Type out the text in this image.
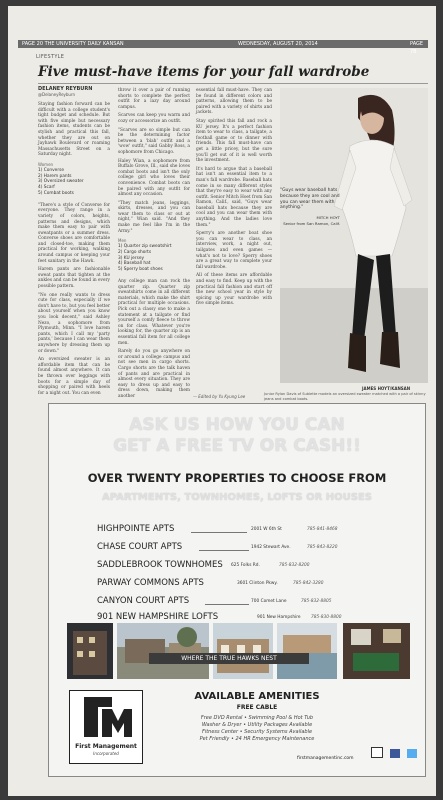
PAGE 20 THE UNIVERSITY DAILY KANSAN	WEDNESDAY, AUGUST 20, 2014	PAGE 7B
LIFESTYLE
Five must-have items for your fall wardrobe
DELANEY REYBURN
@DelaneyReyburn

Staying fashion forward can be difficult with a college student's tight budget and schedule. But with five simple but necessary fashion items, students can be stylish and practical this fall, whether they are out on Jayhawk Boulevard or roaming Massachusetts Street on a Saturday night.

Women
1) Converse
2) Harem pants
3) Oversized sweater
4) Scarf
5) Combat boots

"There's a style of Converse for everyone. They range in a variety of colors, heights, patterns and designs, which make them easy to pair with sweatpants or a summer dress. Converse shoes are comfortable and closed-toe, making them practical for working, walking around campus or keeping your feet sanitary in the Hawk.

Harem pants are fashionable sweat pants that tighten at the ankles and can be found in every possible pattern.

"No one really wants to dress cute for class, especially if we don't have to, but you feel better about yourself when you know you look decent," said Ashley Nezo, a sophomore from Plymouth, Minn. "I love harem pants, which I call my 'party pants,' because I can wear them anywhere by dressing them up or down."

An oversized sweater is an affordable item that can be found almost anywhere. It can be thrown over leggings with boots for a simple day of shopping or paired with heels for a night out. You can even

throw it over a pair of running shorts to complete the perfect outfit for a lazy day around campus.

Scarves can keep you warm and cozy or accessorize an outfit.

"Scarves are so simple but can be the determining factor between a 'blah' outfit and a 'wow' outfit," said Gabby Ross, a sophomore from Chicago.

Haley Wian, a sophomore from Buffalo Grove, Ill., said she loves combat boots and isn't the only college girl who loves their convenience. Combat boots can be paired with any outfit for almost any occasion.

"They match jeans, leggings, skirts, dresses, and you can wear them to class or out at night," Wian said. "And they make me feel like I'm in the Army."

Men
1) Quarter zip sweatshirt
2) Cargo shorts
3) KU jersey
4) Baseball hat
5) Sperry boat shoes

Any college man can rock the quarter zip. Quarter zip sweatshirts come in all different materials, which make the shirt practical for multiple occasions. Pick out a classy one to make a statement at a tailgate or find yourself a comfy fleece to throw on for class. Whatever you're looking for, the quarter zip is an essential fall item for all college men.

Rarely do you go anywhere on or around a college campus and not see men in cargo shorts. Cargo shorts are the talk haven of pants and are practical in almost every situation. They are easy to dress up and easy to dress down, making them another

essential fall must-have. They can be found in different colors and patterns, allowing them to be paired with a variety of shirts and jackets.

Stay spirited this fall and rock a KU jersey. It's a perfect fashion item to wear to class, a tailgate, a football game or to dinner with friends. This fall must-have can get a little pricey, but the sure you'll get out of it is well worth the investment.

It's hard to argue that a baseball hat isn't an essential item to a man's fall wardrobe. Baseball hats come in so many different styles that they're easy to wear with any outfit. Senior Mitch Hoet from San Ramon, Calif., said, "Guys wear baseball hats because they are cool and you can wear them with anything. And the ladies love them."

Sperry's are another boat shoe you can wear to class, an interview, work, a night out, tailgates and even games — what's not to love? Sperry shoes are a great way to complete your fall wardrobe.

All of these items are affordable and easy to find. Keep up with the practical fall fashion and start off the new school year in style by spicing up your wardrobe with five simple items.

— Edited by Yu Kyung Lee
"Guys wear baseball hats because they are cool and you can wear them with anything."
MITCH HOYT
Senior from San Ramon, Calif.
JAMES HOYT/KANSAN
Junior Rylan Davis of Sublette models an oversized sweater matched with a pair of skinny jeans and combat boots.
ASK US HOW YOU CAN
GET A FREE TV OR CASH!!
APARTMENTS, TOWNHOMES, LOFTS OR HOUSES
OVER TWENTY PROPERTIES TO CHOOSE FROM
HIGHPOINTE APTS	2001 W 6th St	785-841-8468
CHASE COURT APTS	1942 Stewart Ave.	785-843-8220
SADDLEBROOK TOWNHOMES 625 Folks Rd.	785-832-8200
PARWAY COMMONS APTS	3601 Clinton Pkwy.	785-842-3280
CANYON COURT APTS	700 Comet Lane	785-832-8805
901 NEW HAMPSHIRE LOFTS	901 New Hampshire 785-830-8800
WHERE THE TRUE HAWKS NEST
First Management
Incorporated
AVAILABLE AMENITIES
FREE CABLE
Free DVD Rental • Swimming Pool & Hot Tub
Washer & Dryer • Utility Packages Available
Fitness Center • Security Systems Available
Pet Friendly • 24 HR Emergency Maintenance

firstmanagementinc.com
